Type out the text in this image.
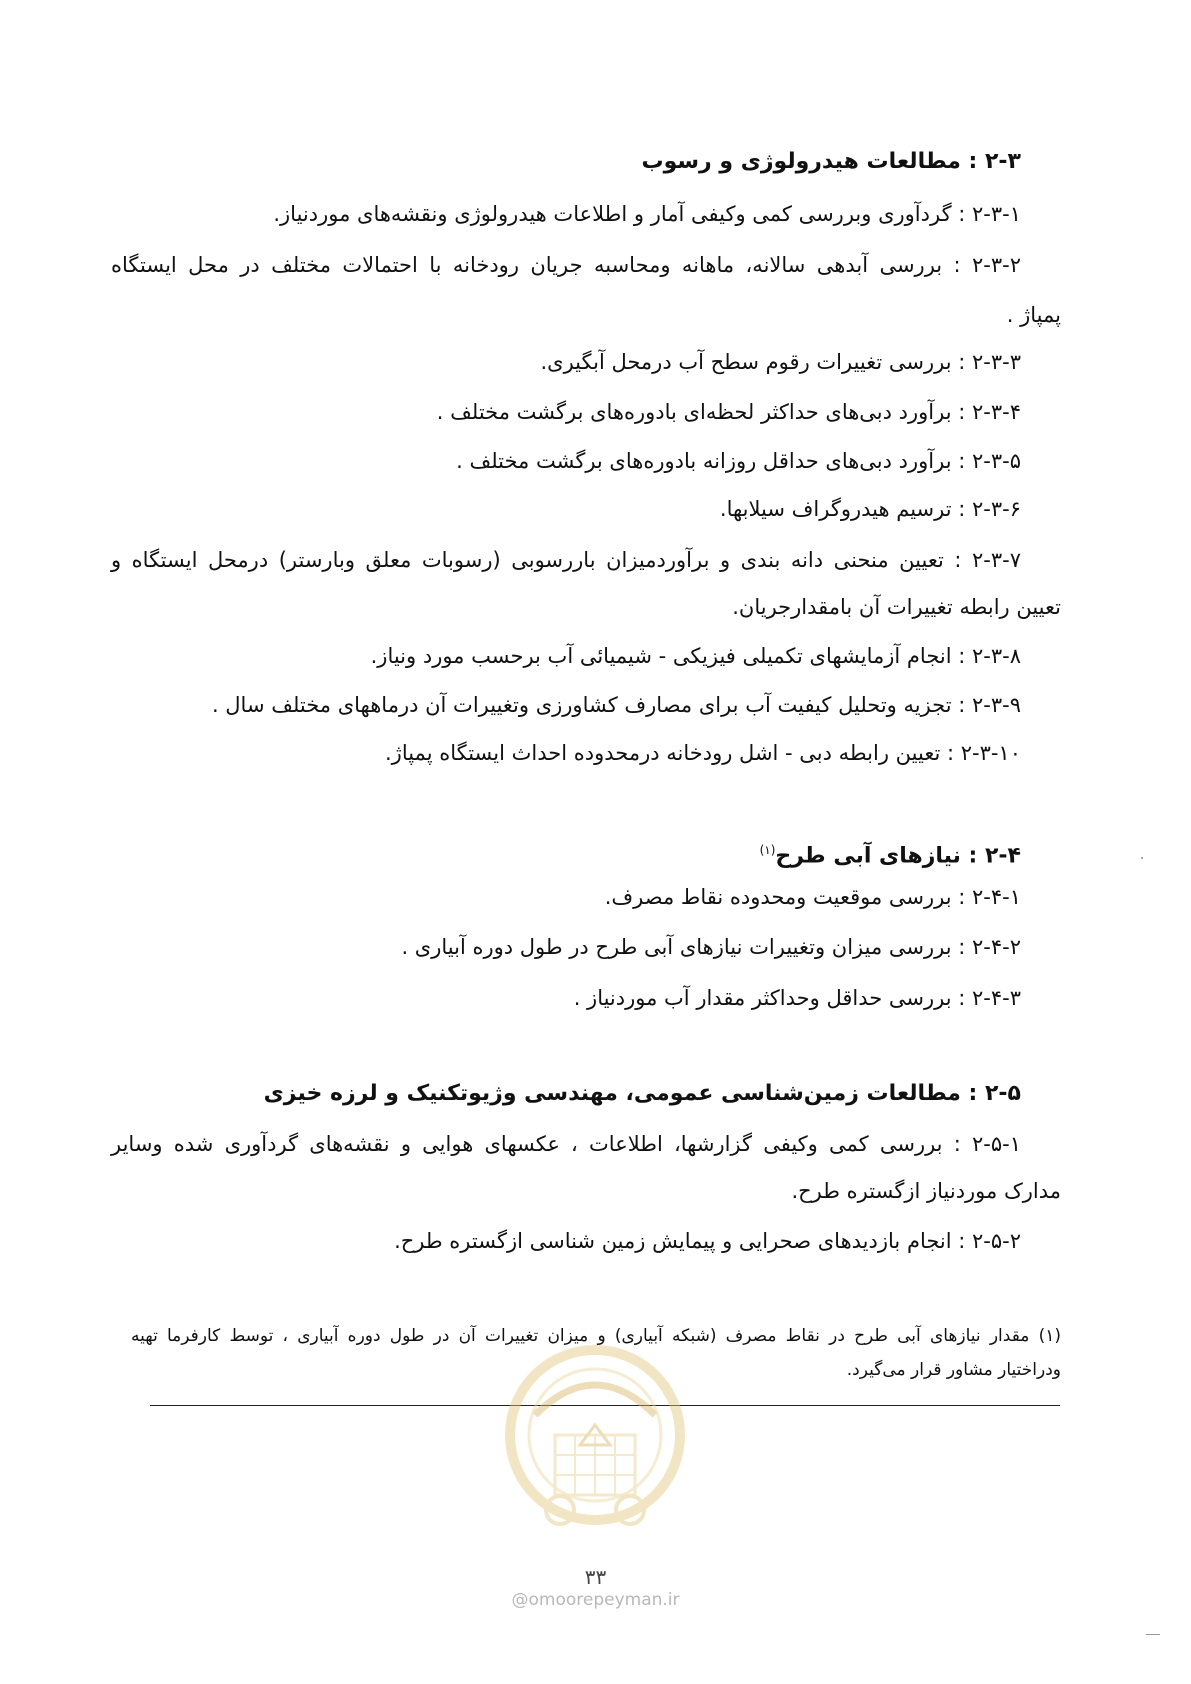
۲-۳ : مطالعات هیدرولوژی و رسوب
۲-۳-۱ : گردآوری وبررسی کمی وکیفی آمار و اطلاعات هیدرولوژی ونقشه‌های موردنیاز.
۲-۳-۲ : بررسی آبدهی سالانه، ماهانه ومحاسبه جریان رودخانه با احتمالات مختلف در محل ایستگاه
پمپاژ .
۲-۳-۳ : بررسی تغییرات رقوم سطح آب درمحل آبگیری.
۲-۳-۴ : برآورد دبی‌های حداکثر لحظه‌ای بادوره‌های برگشت مختلف .
۲-۳-۵ : برآورد دبی‌های حداقل روزانه بادوره‌های برگشت مختلف .
۲-۳-۶ : ترسیم هیدروگراف سیلابها.
۲-۳-۷ : تعیین منحنی دانه بندی و برآوردمیزان باررسوبی (رسوبات معلق وبارستر) درمحل ایستگاه و
تعیین رابطه تغییرات آن بامقدارجریان.
۲-۳-۸ : انجام آزمایشهای تکمیلی فیزیکی - شیمیائی آب برحسب مورد ونیاز.
۲-۳-۹ : تجزیه وتحلیل کیفیت آب برای مصارف کشاورزی وتغییرات آن درماههای مختلف سال .
۲-۳-۱۰ : تعیین رابطه دبی - اشل رودخانه درمحدوده احداث ایستگاه پمپاژ.
۲-۴ : نیازهای آبی طرح$^{(۱)}$
۲-۴-۱ : بررسی موقعیت ومحدوده نقاط مصرف.
۲-۴-۲ : بررسی میزان وتغییرات نیازهای آبی طرح در طول دوره آبیاری .
۲-۴-۳ : بررسی حداقل وحداکثر مقدار آب موردنیاز .
۲-۵ : مطالعات زمین‌شناسی عمومی، مهندسی وژیوتکنیک و لرزه خیزی
۲-۵-۱ : بررسی کمی وکیفی گزارشها، اطلاعات ، عکسهای هوایی و نقشه‌های گردآوری شده وسایر
مدارک موردنیاز ازگستره طرح.
۲-۵-۲ : انجام بازدیدهای صحرایی و پیمایش زمین شناسی ازگستره طرح.
(۱) مقدار نیازهای آبی طرح در نقاط مصرف (شبکه آبیاری) و میزان تغییرات آن در طول دوره آبیاری ، توسط کارفرما تهیه
ودراختیار مشاور قرار می‌گیرد.
۳۳
@omoorepeyman.ir
